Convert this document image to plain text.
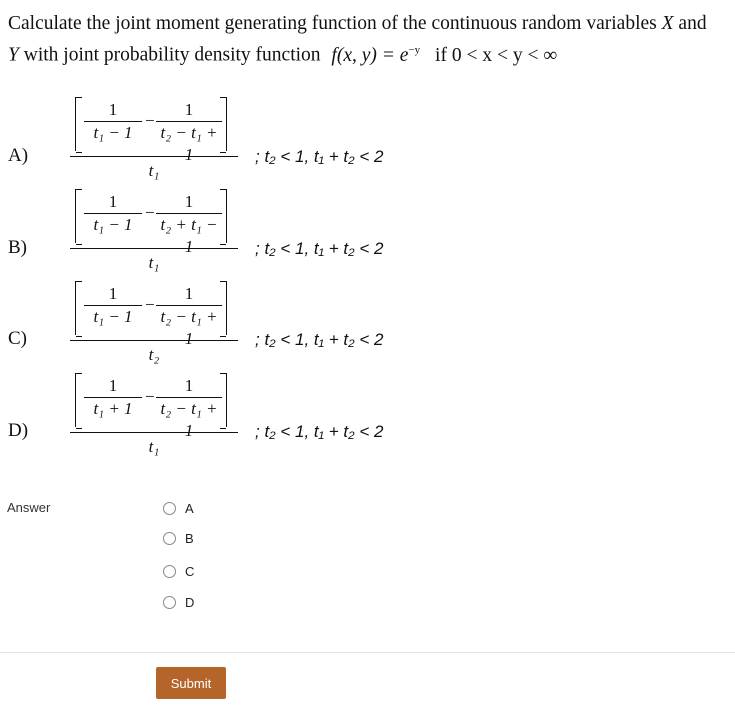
Calculate the joint moment generating function of the continuous random variables X and
Y with joint probability density function f(x, $y) = e^{-y}$ if 0 < x < y < ∞
A)
$\frac{1}{\text{t₁ − 1}} - \frac{1}{\text{t₂ − t₁ + 1}}$
t₁
; t₂ < 1, t₁ + t₂ < 2
B)
$\frac{1}{\text{t₁ − 1}} - \frac{1}{\text{t₂ + t₁ − 1}}$
t₁
; t₂ < 1, t₁ + t₂ < 2
C)
$\frac{1}{\text{t₁ − 1}} - \frac{1}{\text{t₂ − t₁ + 1}}$
t₂
; t₂ < 1, t₁ + t₂ < 2
D)
$\frac{1}{\text{t₁ + 1}} - \frac{1}{\text{t₂ − t₁ + 1}}$
t₁
; t₂ < 1, t₁ + t₂ < 2
Answer	A
B
C
D
Submit
